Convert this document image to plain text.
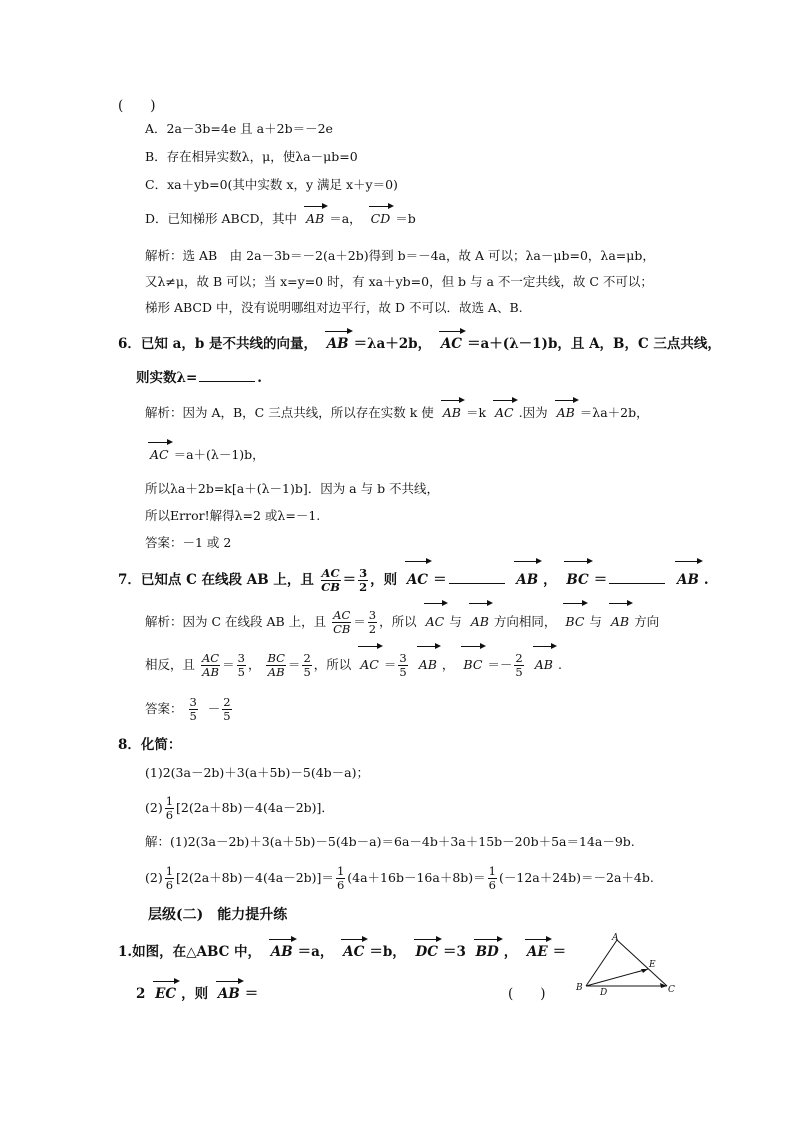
(　　)
A．2a－3b=4e 且 a＋2b＝－2e
B．存在相异实数λ，μ，使λa－μb=0
C．xa＋yb=0(其中实数 x，y 满足 x＋y＝0)
D．已知梯形 ABCD，其中 AB ＝a， CD ＝b
解析：选 AB　由 2a－3b＝－2(a＋2b)得到 b＝－4a，故 A 可以；λa－μb=0，λa=μb，
又λ≠μ，故 B 可以；当 x=y=0 时，有 xa＋yb=0，但 b 与 a 不一定共线，故 C 不可以；
梯形 ABCD 中，没有说明哪组对边平行，故 D 不可以．故选 A、B.
6．已知 a，b 是不共线的向量， AB ＝λa＋2b， AC ＝a＋(λ－1)b，且 A，B，C 三点共线，
则实数λ=	.
解析：因为 A，B，C 三点共线，所以存在实数 k 使 AB ＝k AC .因为 AB ＝λa＋2b，
AC ＝a＋(λ－1)b，
所以λa＋2b=k[a＋(λ－1)b]．因为 a 与 b 不共线，
所以Error!解得λ=2 或λ=－1.
答案：－1 或 2
7．已知点 C 在线段 AB 上，且 $\frac{AC}{CB} = \frac{3}{2}$ ，则 AC ＝	AB ， BC ＝	AB .
解析：因为 C 在线段 AB 上，且 $\frac{AC}{CB} = \frac{3}{2}$ ，所以 AC 与 AB 方向相同， BC 与 AB 方向
相反，且 $\frac{AC}{AB} = \frac{3}{5}$ ， $\frac{BC}{AB} = \frac{2}{5}$ ，所以 AC ＝ $\frac{3}{5}$ AB ， BC ＝－ $\frac{2}{5}$ AB .
答案： $\frac{3}{5} - \frac{2}{5}$
8．化简：
(1)2(3a－2b)＋3(a＋5b)－5(4b－a)；
$(2) \frac{1}{6} [2(2a+8b)-4(4a-2b)]$．
解：(1)2(3a－2b)＋3(a＋5b)－5(4b－a)＝6a－4b＋3a＋15b－20b＋5a＝14a－9b.
$(2) \frac{1}{6} [2(2a+8b)-4(4a-2b)]= \frac{1}{6} (4a+16b-16a+8b)= \frac{1}{6} (-12a+24b)=-2a+4b$.
层级(二)　能力提升练
1.如图，在△ABC 中， AB ＝a， AC ＝b， DC ＝3 BD ， AE ＝
2 EC ，则 AB ＝	(　　)
A
B	C
D
E
